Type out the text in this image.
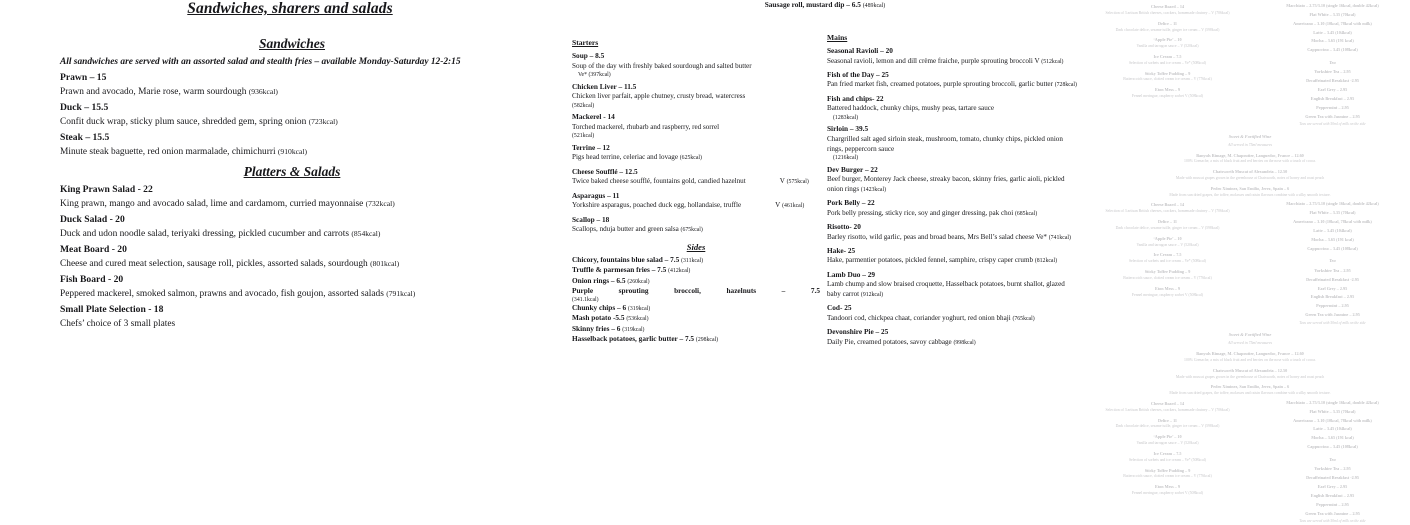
Cheese Board – 14
Selection of 3 artisan British cheeses, crackers, homemade chutney – V (706kcal)
Delice – 11
Dark chocolate delice, sesame tuille, ginger ice cream – V (598kcal)
‘Apple Pie’ – 10
Vanilla and tarragon sauce – V (520kcal)
Ice Cream – 7.5
Selection of sorbets and ice cream – Ve* (508kcal)
Sticky Toffee Pudding – 9
Butterscotch sauce, clotted cream ice cream – V (776kcal)
Eton Mess – 9
Fennel meringue, raspberry sorbet V (508kcal)
Macchiato – 2.75/3.10 (single 16kcal, double 42kcal)
Flat White – 3.35 (70kcal)
Americano – 3.10 (10kcal, 78kcal with milk)
Latte – 3.45 (104kcal)
Mocha – 3.65 (191 kcal)
Cappuccino – 3.45 (108kcal)
Tea
Yorkshire Tea – 2.95
Decaffeinated Breakfast -2.95
Earl Grey – 2.95
English Breakfast – 2.95
Peppermint – 2.95
Green Tea with Jasmine – 2.95
Teas are served with 50ml of milk on the side
Sweet & Fortified Wine
All served in 75ml measures
Banyuls Rimage, M. Chapoutier, Languedoc, France – 12.60
100% Grenache, a mix of black fruit and red berries on the nose with a touch of cocoa.
Chatsworth Muscat of Alexandria – 12.50
Made with muscat grapes grown in the greenhouse at Chatsworth, notes of honey and roast peach
Pedro Ximinez, San Emilio, Jerez, Spain – 6
Made from sun dried grapes, the toffee, molasses and raisin flavours combine with a silky smooth texture.
Cheese Board – 14
Selection of 3 artisan British cheeses, crackers, homemade chutney – V (706kcal)
Delice – 11
Dark chocolate delice, sesame tuille, ginger ice cream – V (598kcal)
‘Apple Pie’ – 10
Vanilla and tarragon sauce – V (520kcal)
Ice Cream – 7.5
Selection of sorbets and ice cream – Ve* (508kcal)
Sticky Toffee Pudding – 9
Butterscotch sauce, clotted cream ice cream – V (776kcal)
Eton Mess – 9
Fennel meringue, raspberry sorbet V (508kcal)
Macchiato – 2.75/3.10 (single 16kcal, double 42kcal)
Flat White – 3.35 (70kcal)
Americano – 3.10 (10kcal, 78kcal with milk)
Latte – 3.45 (104kcal)
Mocha – 3.65 (191 kcal)
Cappuccino – 3.45 (108kcal)
Tea
Yorkshire Tea – 2.95
Decaffeinated Breakfast -2.95
Earl Grey – 2.95
English Breakfast – 2.95
Peppermint – 2.95
Green Tea with Jasmine – 2.95
Teas are served with 50ml of milk on the side
Sweet & Fortified Wine
All served in 75ml measures
Banyuls Rimage, M. Chapoutier, Languedoc, France – 12.60
100% Grenache, a mix of black fruit and red berries on the nose with a touch of cocoa.
Chatsworth Muscat of Alexandria – 12.50
Made with muscat grapes grown in the greenhouse at Chatsworth, notes of honey and roast peach
Pedro Ximinez, San Emilio, Jerez, Spain – 6
Made from sun dried grapes, the toffee, molasses and raisin flavours combine with a silky smooth texture.
Cheese Board – 14
Selection of 3 artisan British cheeses, crackers, homemade chutney – V (706kcal)
Delice – 11
Dark chocolate delice, sesame tuille, ginger ice cream – V (598kcal)
‘Apple Pie’ – 10
Vanilla and tarragon sauce – V (520kcal)
Ice Cream – 7.5
Selection of sorbets and ice cream – Ve* (508kcal)
Sticky Toffee Pudding – 9
Butterscotch sauce, clotted cream ice cream – V (776kcal)
Eton Mess – 9
Fennel meringue, raspberry sorbet V (508kcal)
Macchiato – 2.75/3.10 (single 16kcal, double 42kcal)
Flat White – 3.35 (70kcal)
Americano – 3.10 (10kcal, 78kcal with milk)
Latte – 3.45 (104kcal)
Mocha – 3.65 (191 kcal)
Cappuccino – 3.45 (108kcal)
Tea
Yorkshire Tea – 2.95
Decaffeinated Breakfast -2.95
Earl Grey – 2.95
English Breakfast – 2.95
Peppermint – 2.95
Green Tea with Jasmine – 2.95
Teas are served with 50ml of milk on the side
Sandwiches, sharers and salads	Sausage roll, mustard dip – 6.5 (489kcal)
Sandwiches
All sandwiches are served with an assorted salad and stealth fries – available Monday-Saturday 12-2:15
Prawn – 15
Prawn and avocado, Marie rose, warm sourdough (936kcal)
Duck – 15.5
Confit duck wrap, sticky plum sauce, shredded gem, spring onion (723kcal)
Steak – 15.5
Minute steak baguette, red onion marmalade, chimichurri (910kcal)
Platters & Salads
King Prawn Salad - 22
King prawn, mango and avocado salad, lime and cardamom, curried mayonnaise (732kcal)
Duck Salad - 20
Duck and udon noodle salad, teriyaki dressing, pickled cucumber and carrots (854kcal)
Meat Board - 20
Cheese and cured meat selection, sausage roll, pickles, assorted salads, sourdough (801kcal)
Fish Board - 20
Peppered mackerel, smoked salmon, prawns and avocado, fish goujon, assorted salads (791kcal)
Small Plate Selection - 18
Chefs’ choice of 3 small plates
Starters
Soup – 8.5
Soup of the day with freshly baked sourdough and salted butter
Ve* (397kcal)
Chicken Liver – 11.5
Chicken liver parfait, apple chutney, crusty bread, watercress
(582kcal)
Mackerel - 14
Torched mackerel, rhubarb and raspberry, red sorrel
(521kcal)
Terrine – 12
Pigs head terrine, celeriac and lovage (625kcal)
Cheese Soufflé – 12.5
Twice baked cheese soufflé, fountains gold, candied hazelnut	V (575kcal)
Asparagus – 11
Yorkshire asparagus, poached duck egg, hollandaise, truffle	V (461kcal)
Scallop – 18
Scallops, nduja butter and green salsa (675kcal)
Sides
Chicory, fountains blue salad – 7.5 (311kcal)
Truffle & parmesan fries – 7.5 (412kcal)
Onion rings – 6.5 (260kcal)
Purple sprouting broccoli, hazelnuts – 7.5
(341.1kcal)
Chunky chips – 6 (319kcal)
Mash potato -5.5 (536kcal)
Skinny fries – 6 (319kcal)
Hasselback potatoes, garlic butter – 7.5 (298kcal)
Mains
Seasonal Ravioli – 20
Seasonal ravioli, lemon and dill crème fraiche, purple sprouting broccoli V (512kcal)
Fish of the Day – 25
Pan fried market fish, creamed potatoes, purple sprouting broccoli, garlic butter (728kcal)
Fish and chips- 22
Battered haddock, chunky chips, mushy peas, tartare sauce
(1283kcal)
Sirloin – 39.5
Chargrilled salt aged sirloin steak, mushroom, tomato, chunky chips, pickled onion rings, peppercorn sauce
(1216kcal)
Dev Burger – 22
Beef burger, Monterey Jack cheese, streaky bacon, skinny fries, garlic aioli, pickled onion rings (1423kcal)
Pork Belly – 22
Pork belly pressing, sticky rice, soy and ginger dressing, pak choi (685kcal)
Risotto- 20
Barley risotto, wild garlic, peas and broad beans, Mrs Bell’s salad cheese Ve* (741kcal)
Hake- 25
Hake, parmentier potatoes, pickled fennel, samphire, crispy caper crumb (812kcal)
Lamb Duo – 29
Lamb chump and slow braised croquette, Hasselback potatoes, burnt shallot, glazed baby carrot (912kcal)
Cod- 25
Tandoori cod, chickpea chaat, coriander yoghurt, red onion bhaji (765kcal)
Devonshire Pie – 25
Daily Pie, creamed potatoes, savoy cabbage (998kcal)
